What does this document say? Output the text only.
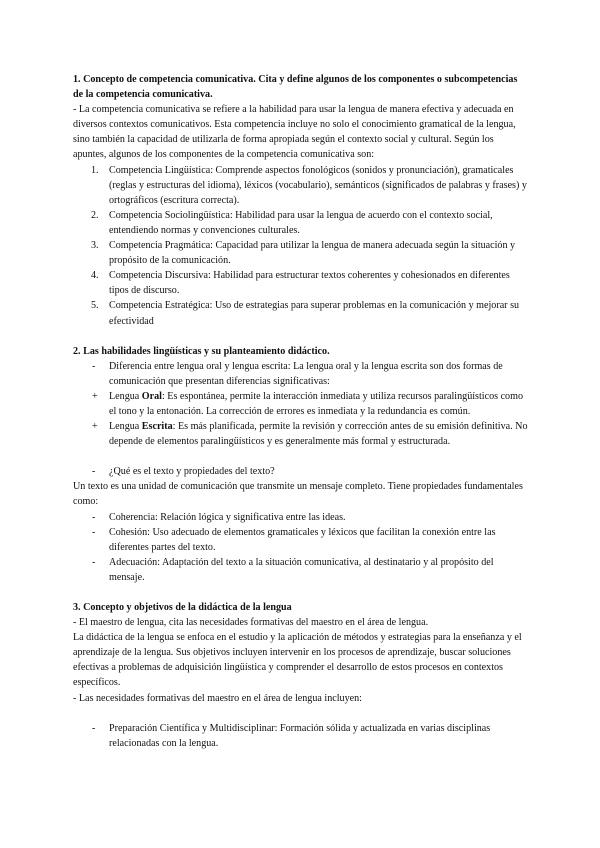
1. Concepto de competencia comunicativa. Cita y define algunos de los componentes o subcompetencias de la competencia comunicativa.

- La competencia comunicativa se refiere a la habilidad para usar la lengua de manera efectiva y adecuada en diversos contextos comunicativos. Esta competencia incluye no solo el conocimiento gramatical de la lengua, sino también la capacidad de utilizarla de forma apropiada según el contexto social y cultural. Según los apuntes, algunos de los componentes de la competencia comunicativa son:

1. Competencia Lingüística: Comprende aspectos fonológicos (sonidos y pronunciación), gramaticales (reglas y estructuras del idioma), léxicos (vocabulario), semánticos (significados de palabras y frases) y ortográficos (escritura correcta).
2. Competencia Sociolingüística: Habilidad para usar la lengua de acuerdo con el contexto social, entendiendo normas y convenciones culturales.
3. Competencia Pragmática: Capacidad para utilizar la lengua de manera adecuada según la situación y propósito de la comunicación.
4. Competencia Discursiva: Habilidad para estructurar textos coherentes y cohesionados en diferentes tipos de discurso.
5. Competencia Estratégica: Uso de estrategias para superar problemas en la comunicación y mejorar su efectividad

2. Las habilidades lingüísticas y su planteamiento didáctico.

- Diferencia entre lengua oral y lengua escrita: La lengua oral y la lengua escrita son dos formas de comunicación que presentan diferencias significativas:
+ Lengua Oral: Es espontánea, permite la interacción inmediata y utiliza recursos paralingüísticos como el tono y la entonación. La corrección de errores es inmediata y la redundancia es común.
+ Lengua Escrita: Es más planificada, permite la revisión y corrección antes de su emisión definitiva. No depende de elementos paralingüísticos y es generalmente más formal y estructurada.
- ¿Qué es el texto y propiedades del texto?

Un texto es una unidad de comunicación que transmite un mensaje completo. Tiene propiedades fundamentales como:

- Coherencia: Relación lógica y significativa entre las ideas.
- Cohesión: Uso adecuado de elementos gramaticales y léxicos que facilitan la conexión entre las diferentes partes del texto.
- Adecuación: Adaptación del texto a la situación comunicativa, al destinatario y al propósito del mensaje.

3. Concepto y objetivos de la didáctica de la lengua

- El maestro de lengua, cita las necesidades formativas del maestro en el área de lengua.

La didáctica de la lengua se enfoca en el estudio y la aplicación de métodos y estrategias para la enseñanza y el aprendizaje de la lengua. Sus objetivos incluyen intervenir en los procesos de aprendizaje, buscar soluciones efectivas a problemas de adquisición lingüística y comprender el desarrollo de estos procesos en contextos específicos.

- Las necesidades formativas del maestro en el área de lengua incluyen:

- Preparación Científica y Multidisciplinar: Formación sólida y actualizada en varias disciplinas relacionadas con la lengua.
